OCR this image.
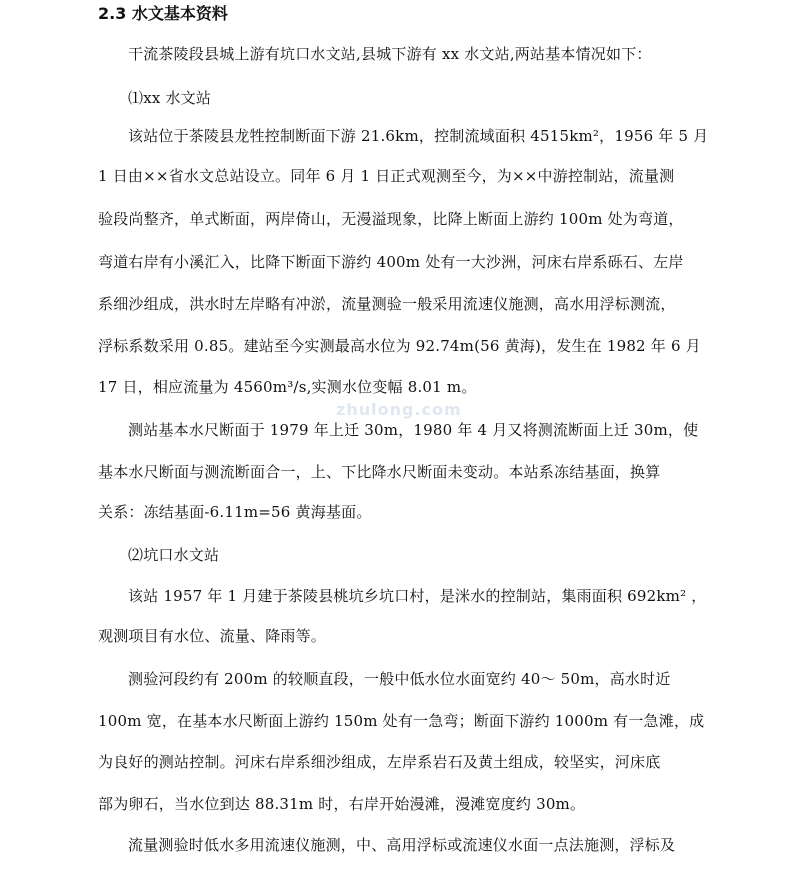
2.3 水文基本资料
干流茶陵段县城上游有坑口水文站,县城下游有 xx 水文站,两站基本情况如下：
⑴xx 水文站
该站位于茶陵县龙牲控制断面下游 21.6km，控制流域面积 4515km²，1956 年 5 月
1 日由××省水文总站设立。同年 6 月 1 日正式观测至今，为××中游控制站，流量测
验段尚整齐，单式断面，两岸倚山，无漫溢现象，比降上断面上游约 100m 处为弯道，
弯道右岸有小溪汇入，比降下断面下游约 400m 处有一大沙洲，河床右岸系砾石、左岸
系细沙组成，洪水时左岸略有冲淤，流量测验一般采用流速仪施测，高水用浮标测流，
浮标系数采用 0.85。建站至今实测最高水位为 92.74m(56 黄海)，发生在 1982 年 6 月
17 日，相应流量为 4560m³/s,实测水位变幅 8.01 m。
测站基本水尺断面于 1979 年上迁 30m，1980 年 4 月又将测流断面上迁 30m，使
基本水尺断面与测流断面合一，上、下比降水尺断面未变动。本站系冻结基面，换算
关系：冻结基面-6.11m=56 黄海基面。
⑵坑口水文站
该站 1957 年 1 月建于茶陵县桃坑乡坑口村，是洣水的控制站，集雨面积 692km² ，
观测项目有水位、流量、降雨等。
测验河段约有 200m 的较顺直段，一般中低水位水面宽约 40～ 50m，高水时近
100m 宽，在基本水尺断面上游约 150m 处有一急弯；断面下游约 1000m 有一急滩，成
为良好的测站控制。河床右岸系细沙组成，左岸系岩石及黄土组成，较坚实，河床底
部为卵石，当水位到达 88.31m 时，右岸开始漫滩，漫滩宽度约 30m。
流量测验时低水多用流速仪施测，中、高用浮标或流速仪水面一点法施测，浮标及
zhulong.com
